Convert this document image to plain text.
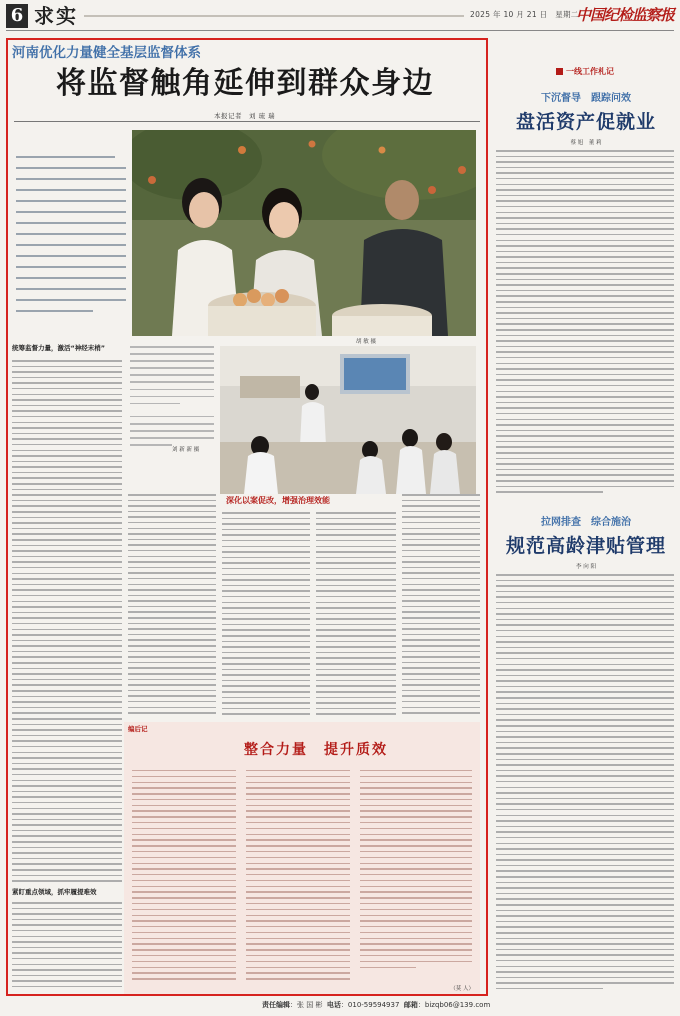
6 求实	2025 年 10 月 21 日　星期二
中国纪检监察报
河南优化力量健全基层监督体系
将监督触角延伸到群众身边
本报记者　刘 琉 瑞
胡 敏 摄
刘 新 新 摄
统筹监督力量，激活“神经末梢”
紧盯重点领域，抓牢履提难效
深化以案促改，增强治理效能
编后记
整合力量　提升质效
（莫 人）
一线工作札记
下沉督导　跟踪问效
盘活资产促就业
蔡 旭　董 莉
拉网排查　综合施治
规范高龄津贴管理
李 向 阳
责任编辑：张 国 彬 电话：010-59594937 邮箱：bizqb06@139.com
